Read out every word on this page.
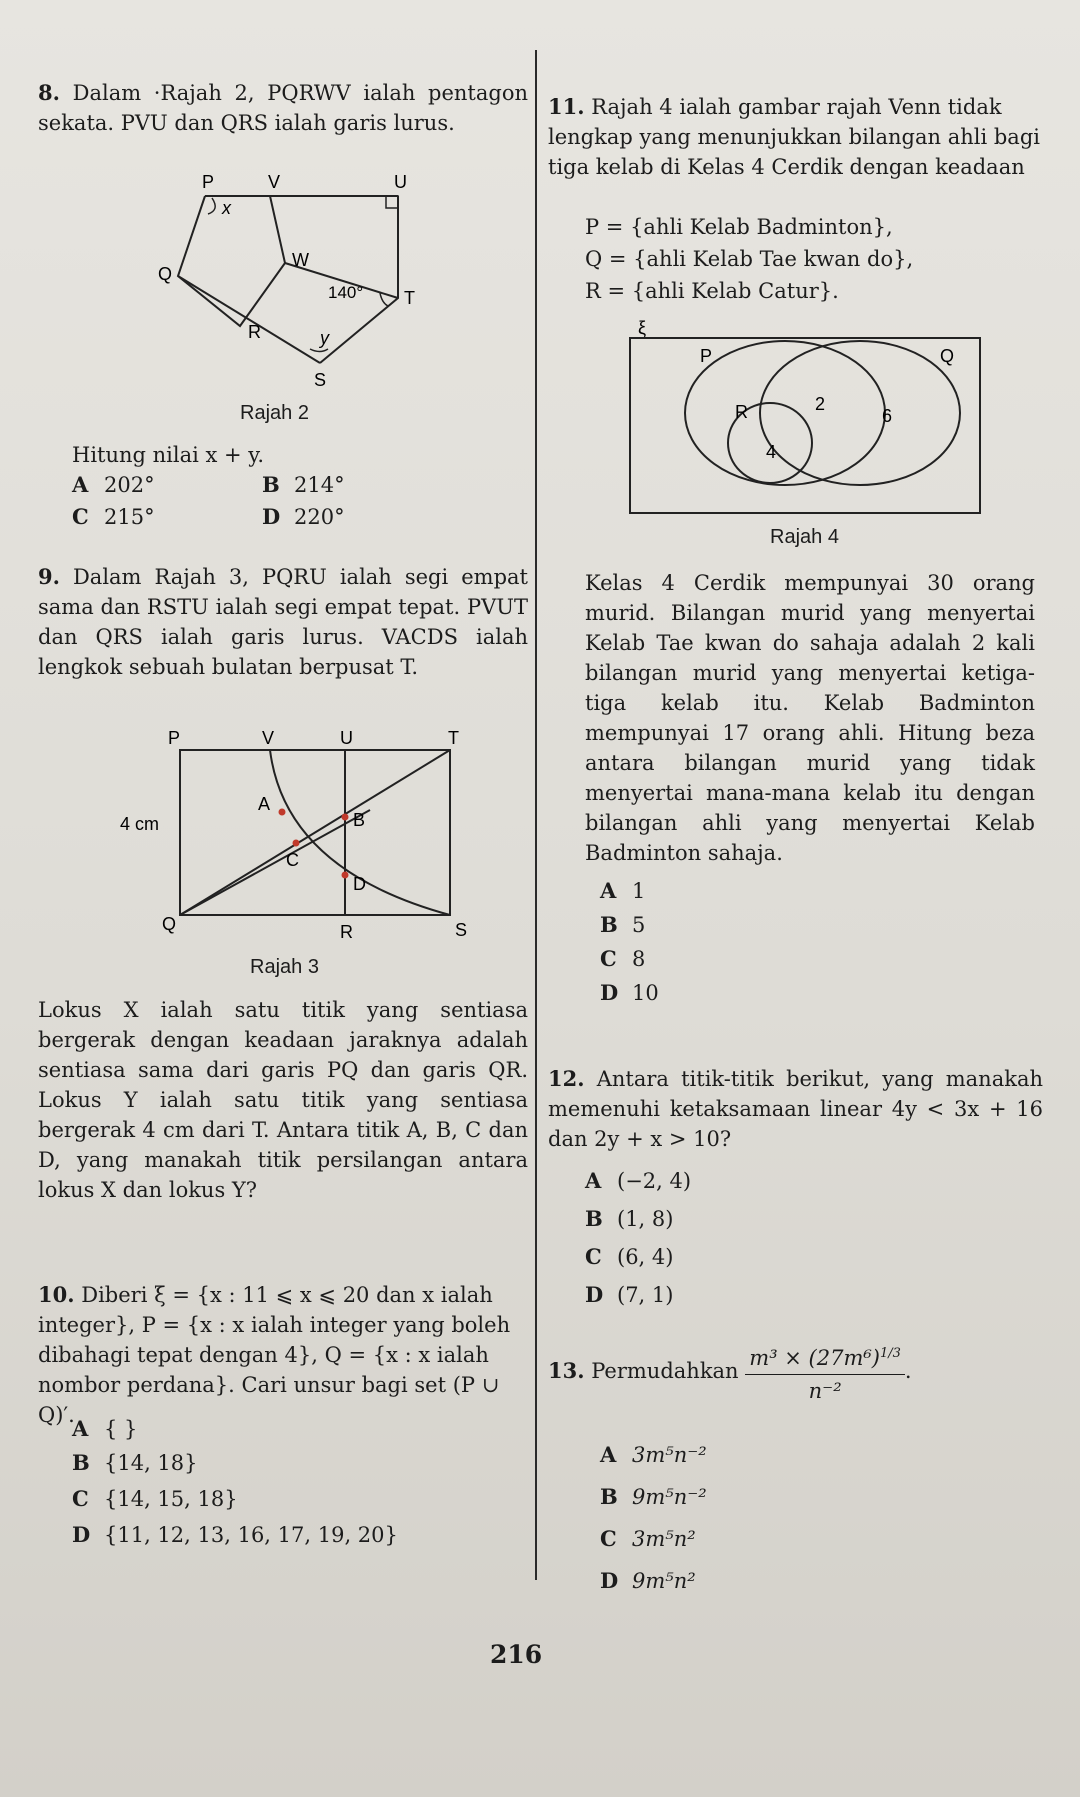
8. Dalam ·Rajah 2, PQRWV ialah pentagon sekata. PVU dan QRS ialah garis lurus.

P	V	U
x
Q
W
140° T
R	y
S
Rajah 2
Hitung nilai x + y.
A 202°	B 214°
C 215°	D 220°

9. Dalam Rajah 3, PQRU ialah segi empat sama dan RSTU ialah segi empat tepat. PVUT dan QRS ialah garis lurus. VACDS ialah lengkok sebuah bulatan berpusat T.

P	V	U	T
4 cm
A
B
C
D
Q	R	S
Rajah 3
Lokus X ialah satu titik yang sentiasa bergerak dengan keadaan jaraknya adalah sentiasa sama dari garis PQ dan garis QR. Lokus Y ialah satu titik yang sentiasa bergerak 4 cm dari T. Antara titik A, B, C dan D, yang manakah titik persilangan antara lokus X dan lokus Y?

10. Diberi ξ = {x : 11 ⩽ x ⩽ 20 dan x ialah integer}, P = {x : x ialah integer yang boleh dibahagi tepat dengan 4}, Q = {x : x ialah nombor perdana}. Cari unsur bagi set (P ∪ Q)′.

A { }
B {14, 18}
C {14, 15, 18}
D {11, 12, 13, 16, 17, 19, 20}

11. Rajah 4 ialah gambar rajah Venn tidak lengkap yang menunjukkan bilangan ahli bagi tiga kelab di Kelas 4 Cerdik dengan keadaan

P = {ahli Kelab Badminton},
Q = {ahli Kelab Tae kwan do},
R = {ahli Kelab Catur}.
ξ
P	Q
R	2
6
4
Rajah 4
Kelas 4 Cerdik mempunyai 30 orang murid. Bilangan murid yang menyertai Kelab Tae kwan do sahaja adalah 2 kali bilangan murid yang menyertai ketiga-tiga kelab itu. Kelab Badminton mempunyai 17 orang ahli. Hitung beza antara bilangan murid yang tidak menyertai mana-mana kelab itu dengan bilangan ahli yang menyertai Kelab Badminton sahaja.
A 1
B 5
C 8
D 10

12. Antara titik-titik berikut, yang manakah memenuhi ketaksamaan linear 4y < 3x + 16 dan 2y + x > 10?

A (−2, 4)
B (1, 8)
C (6, 4)
D (7, 1)
13. Permudahkan $\frac{m^3 \times (27m^6)^{1/3}}{\text{n⁻²}}$ .
A 3m⁵n⁻²
B 9m⁵n⁻²
C 3m⁵n²
D 9m⁵n²
216
